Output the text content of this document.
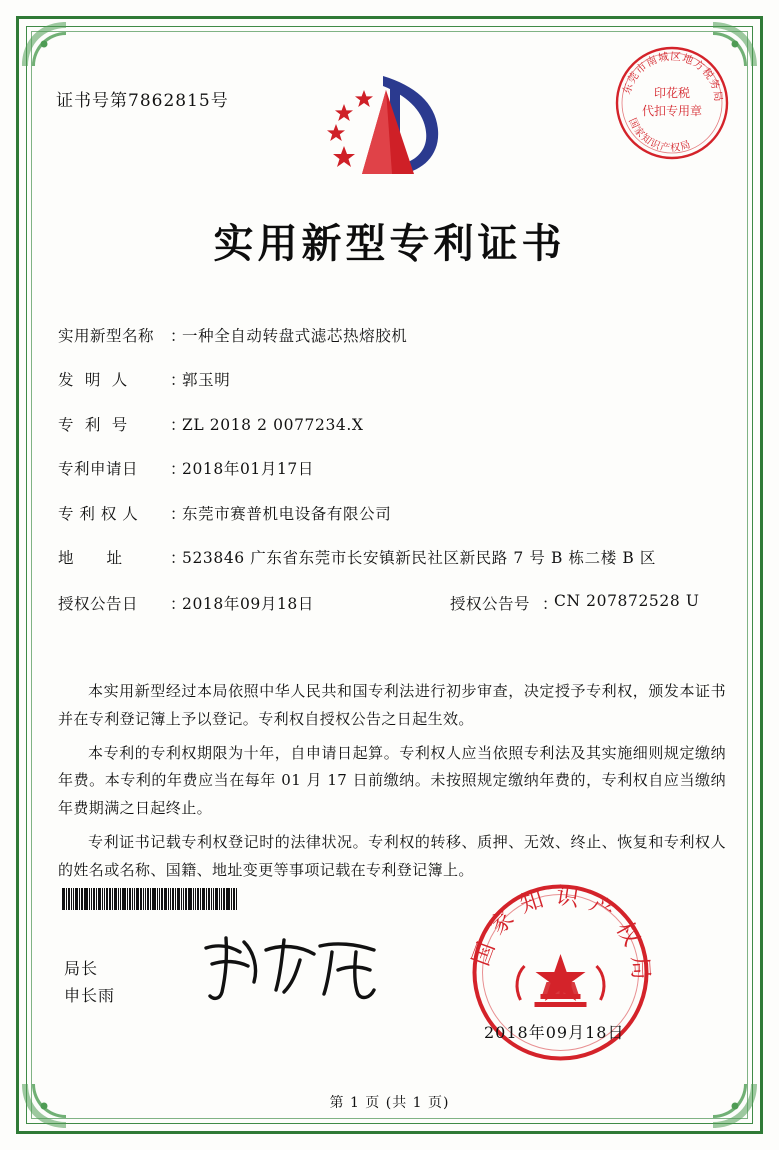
证书号第7862815号
东莞市南城区地方税务局
国家知识产权局
印花税
代扣专用章
实用新型专利证书
实用新型名称	：
一种全自动转盘式滤芯热熔胶机
发  明  人	：
郭玉明
专  利  号	：
ZL 2018 2 0077234.X
专利申请日	：
2018年01月17日
专 利 权 人	：
东莞市赛普机电设备有限公司
地      址	：
523846 广东省东莞市长安镇新民社区新民路 7 号 B 栋二楼 B 区
授权公告日	：
2018年09月18日	授权公告号 ：
CN 207872528 U

本实用新型经过本局依照中华人民共和国专利法进行初步审查，决定授予专利权，颁发本证书并在专利登记簿上予以登记。专利权自授权公告之日起生效。

本专利的专利权期限为十年，自申请日起算。专利权人应当依照专利法及其实施细则规定缴纳年费。本专利的年费应当在每年 01 月 17 日前缴纳。未按照规定缴纳年费的，专利权自应当缴纳年费期满之日起终止。

专利证书记载专利权登记时的法律状况。专利权的转移、质押、无效、终止、恢复和专利权人的姓名或名称、国籍、地址变更等事项记载在专利登记簿上。

局长
申长雨
国家知识产权局
2018年09月18日
第 1 页 (共 1 页)
